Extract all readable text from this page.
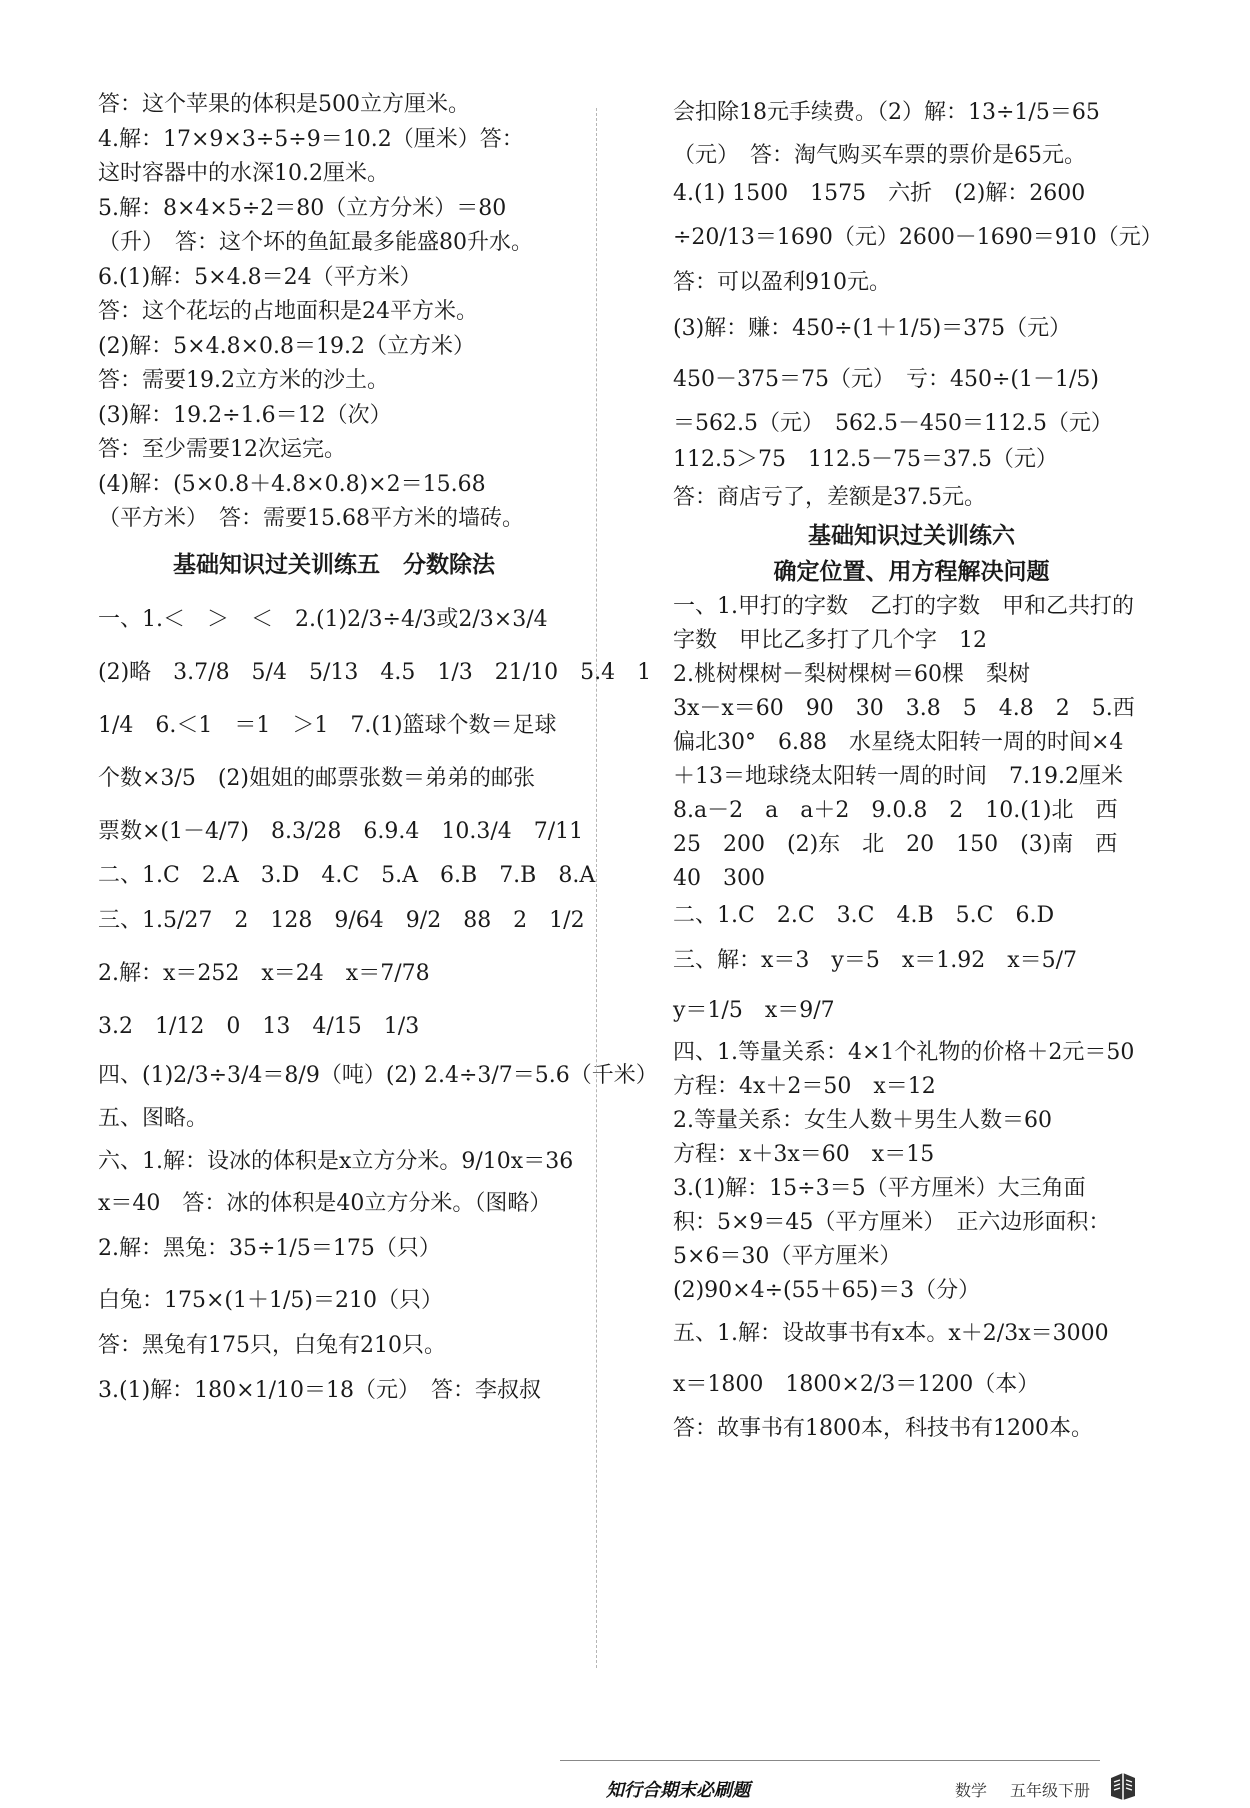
答：这个苹果的体积是500立方厘米。
4.解：17×9×3÷5÷9＝10.2（厘米）答：
这时容器中的水深10.2厘米。
5.解：8×4×5÷2＝80（立方分米）＝80
（升）　答：这个坏的鱼缸最多能盛80升水。
6.(1)解：5×4.8＝24（平方米）
答：这个花坛的占地面积是24平方米。
(2)解：5×4.8×0.8＝19.2（立方米）
答：需要19.2立方米的沙土。
(3)解：19.2÷1.6＝12（次）
答：至少需要12次运完。
(4)解：(5×0.8＋4.8×0.8)×2＝15.68
（平方米）　答：需要15.68平方米的墙砖。
基础知识过关训练五　分数除法
一、1.＜　＞　＜　2.(1)2/3÷4/3或2/3×3/4
(2)略　3.7/8　5/4　5/13　4.5　1/3　21/10　5.4　1
1/4　6.＜1　＝1　＞1　7.(1)篮球个数＝足球
个数×3/5　(2)姐姐的邮票张数＝弟弟的邮张
票数×(1－4/7)　8.3/28　6.9.4　10.3/4　7/11
二、1.C　2.A　3.D　4.C　5.A　6.B　7.B　8.A
三、1.5/27　2　128　9/64　9/2　88　2　1/2
2.解：x＝252　x＝24　x＝7/78
3.2　1/12　0　13　4/15　1/3
四、(1)2/3÷3/4＝8/9（吨）(2) 2.4÷3/7＝5.6（千米）
五、图略。
六、1.解：设冰的体积是x立方分米。9/10x＝36
x＝40　答：冰的体积是40立方分米。（图略）
2.解：黑兔：35÷1/5＝175（只）
白兔：175×(1＋1/5)＝210（只）
答：黑兔有175只，白兔有210只。
3.(1)解：180×1/10＝18（元）　答：李叔叔
会扣除18元手续费。（2）解：13÷1/5＝65
（元）　答：淘气购买车票的票价是65元。
4.(1) 1500　1575　六折　(2)解：2600
÷20/13＝1690（元）2600－1690＝910（元）
答：可以盈利910元。
(3)解：赚：450÷(1＋1/5)＝375（元）
450－375＝75（元）　亏：450÷(1－1/5)
＝562.5（元）　562.5－450＝112.5（元）
112.5＞75　112.5－75＝37.5（元）
答：商店亏了，差额是37.5元。
基础知识过关训练六
确定位置、用方程解决问题
一、1.甲打的字数　乙打的字数　甲和乙共打的
字数　甲比乙多打了几个字　12
2.桃树棵树－梨树棵树＝60棵　梨树
3x－x＝60　90　30　3.8　5　4.8　2　5.西
偏北30°　6.88　水星绕太阳转一周的时间×4
＋13＝地球绕太阳转一周的时间　7.19.2厘米
8.a－2　a　a＋2　9.0.8　2　10.(1)北　西
25　200　(2)东　北　20　150　(3)南　西
40　300
二、1.C　2.C　3.C　4.B　5.C　6.D
三、解：x＝3　y＝5　x＝1.92　x＝5/7
y＝1/5　x＝9/7
四、1.等量关系：4×1个礼物的价格＋2元＝50
方程：4x＋2＝50　x＝12
2.等量关系：女生人数＋男生人数＝60
方程：x＋3x＝60　x＝15
3.(1)解：15÷3＝5（平方厘米）大三角面
积：5×9＝45（平方厘米）　正六边形面积：
5×6＝30（平方厘米）
(2)90×4÷(55＋65)＝3（分）
五、1.解：设故事书有x本。x＋2/3x＝3000
x＝1800　1800×2/3＝1200（本）
答：故事书有1800本，科技书有1200本。
知行合期末必刷题	数学 五年级下册
